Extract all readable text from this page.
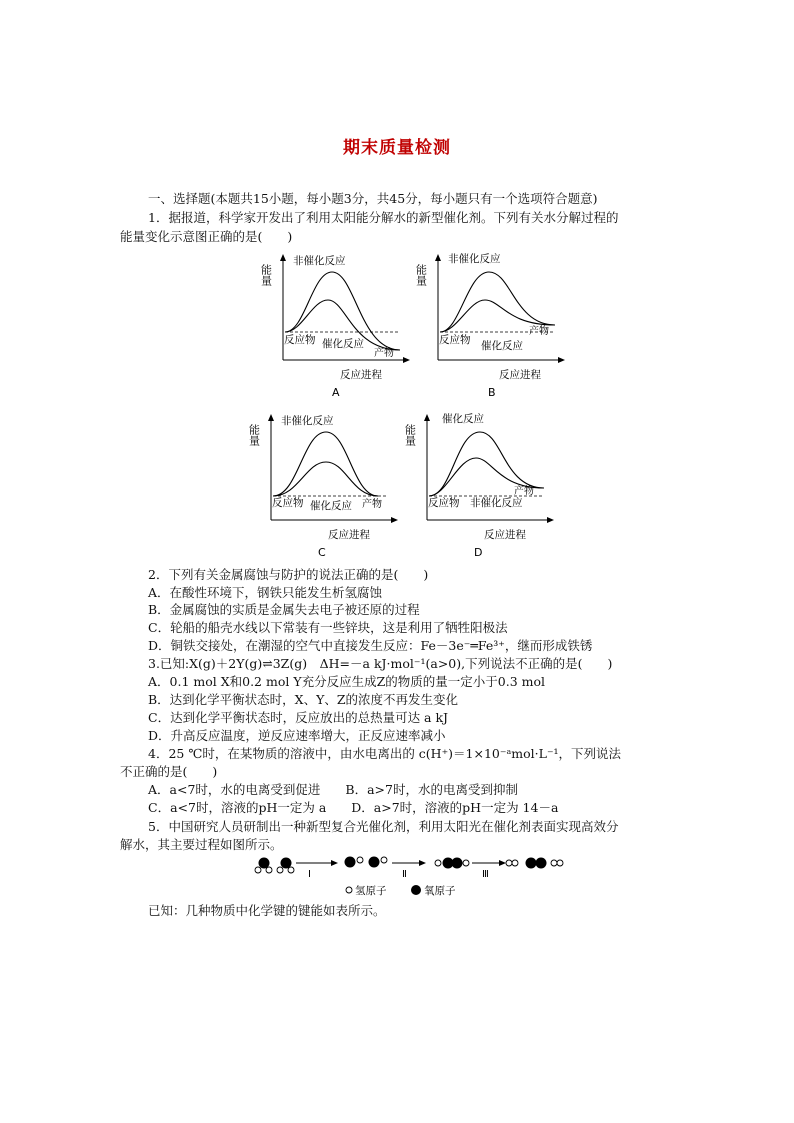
期末质量检测
一、选择题(本题共15小题，每小题3分，共45分，每小题只有一个选项符合题意)
1．据报道，科学家开发出了利用太阳能分解水的新型催化剂。下列有关水分解过程的
能量变化示意图正确的是(　　)
能量
非催化反应
反应物 催化反应
产物
反应进程
A
能量
非催化反应
反应物 催化反应
产物
反应进程
B
能量
非催化反应
反应物 催化反应 产物
反应进程
C
能量
催化反应
反应物 非催化反应
产物
反应进程
D
2．下列有关金属腐蚀与防护的说法正确的是(　　)
A．在酸性环境下，钢铁只能发生析氢腐蚀
B．金属腐蚀的实质是金属失去电子被还原的过程
C．轮船的船壳水线以下常装有一些锌块，这是利用了牺牲阳极法
D．铜铁交接处，在潮湿的空气中直接发生反应：Fe－3e⁻═Fe³⁺，继而形成铁锈
3.已知:X(g)＋2Y(g)⇌3Z(g)　ΔH=－a kJ·mol⁻¹(a>0),下列说法不正确的是(　　)
A．0.1 mol X和0.2 mol Y充分反应生成Z的物质的量一定小于0.3 mol
B．达到化学平衡状态时，X、Y、Z的浓度不再发生变化
C．达到化学平衡状态时，反应放出的总热量可达 a kJ
D．升高反应温度，逆反应速率增大，正反应速率减小
4．25 ℃时，在某物质的溶液中，由水电离出的 c(H⁺)＝1×10⁻ᵃmol·L⁻¹，下列说法
不正确的是(　　)
A．a<7时，水的电离受到促进　　B．a>7时，水的电离受到抑制
C．a<7时，溶液的pH一定为 a　　D．a>7时，溶液的pH一定为 14－a
5．中国研究人员研制出一种新型复合光催化剂，利用太阳光在催化剂表面实现高效分
解水，其主要过程如图所示。
Ⅰ	Ⅱ	Ⅲ
氢原子	氧原子
已知：几种物质中化学键的键能如表所示。
